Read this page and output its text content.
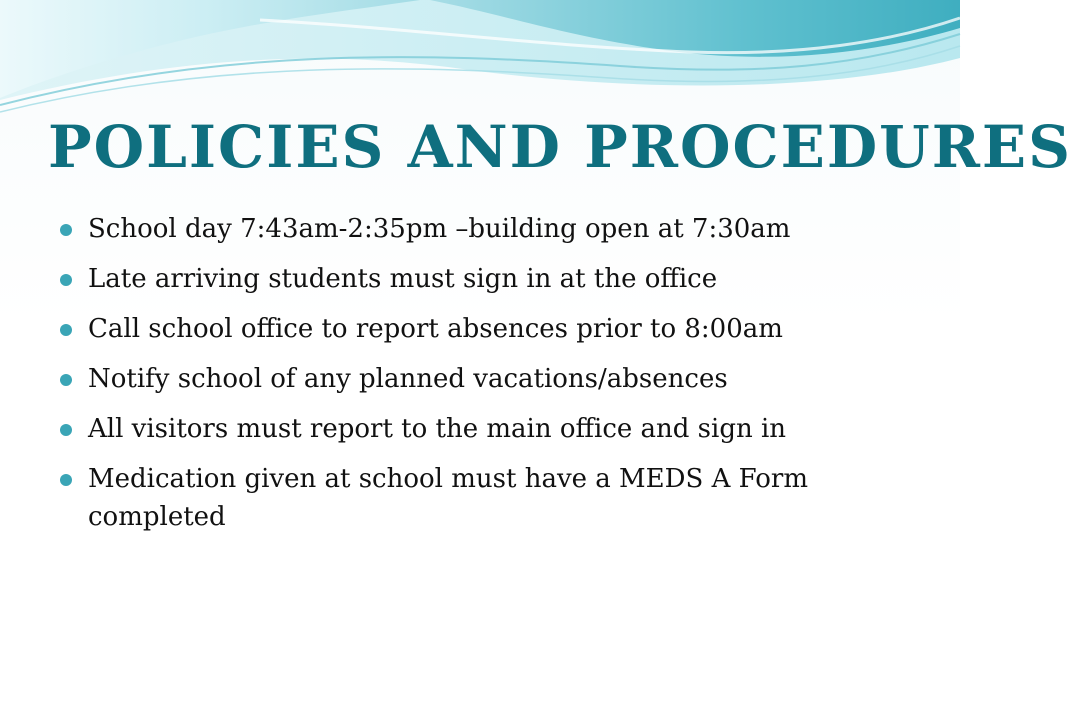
POLICIES AND PROCEDURES
School day 7:43am-2:35pm –building open at 7:30am
Late arriving students must sign in at the office
Call school office to report absences prior to 8:00am
Notify school of any planned vacations/absences
All visitors must report to the main office and sign in
Medication given at school must have a MEDS A Form completed
